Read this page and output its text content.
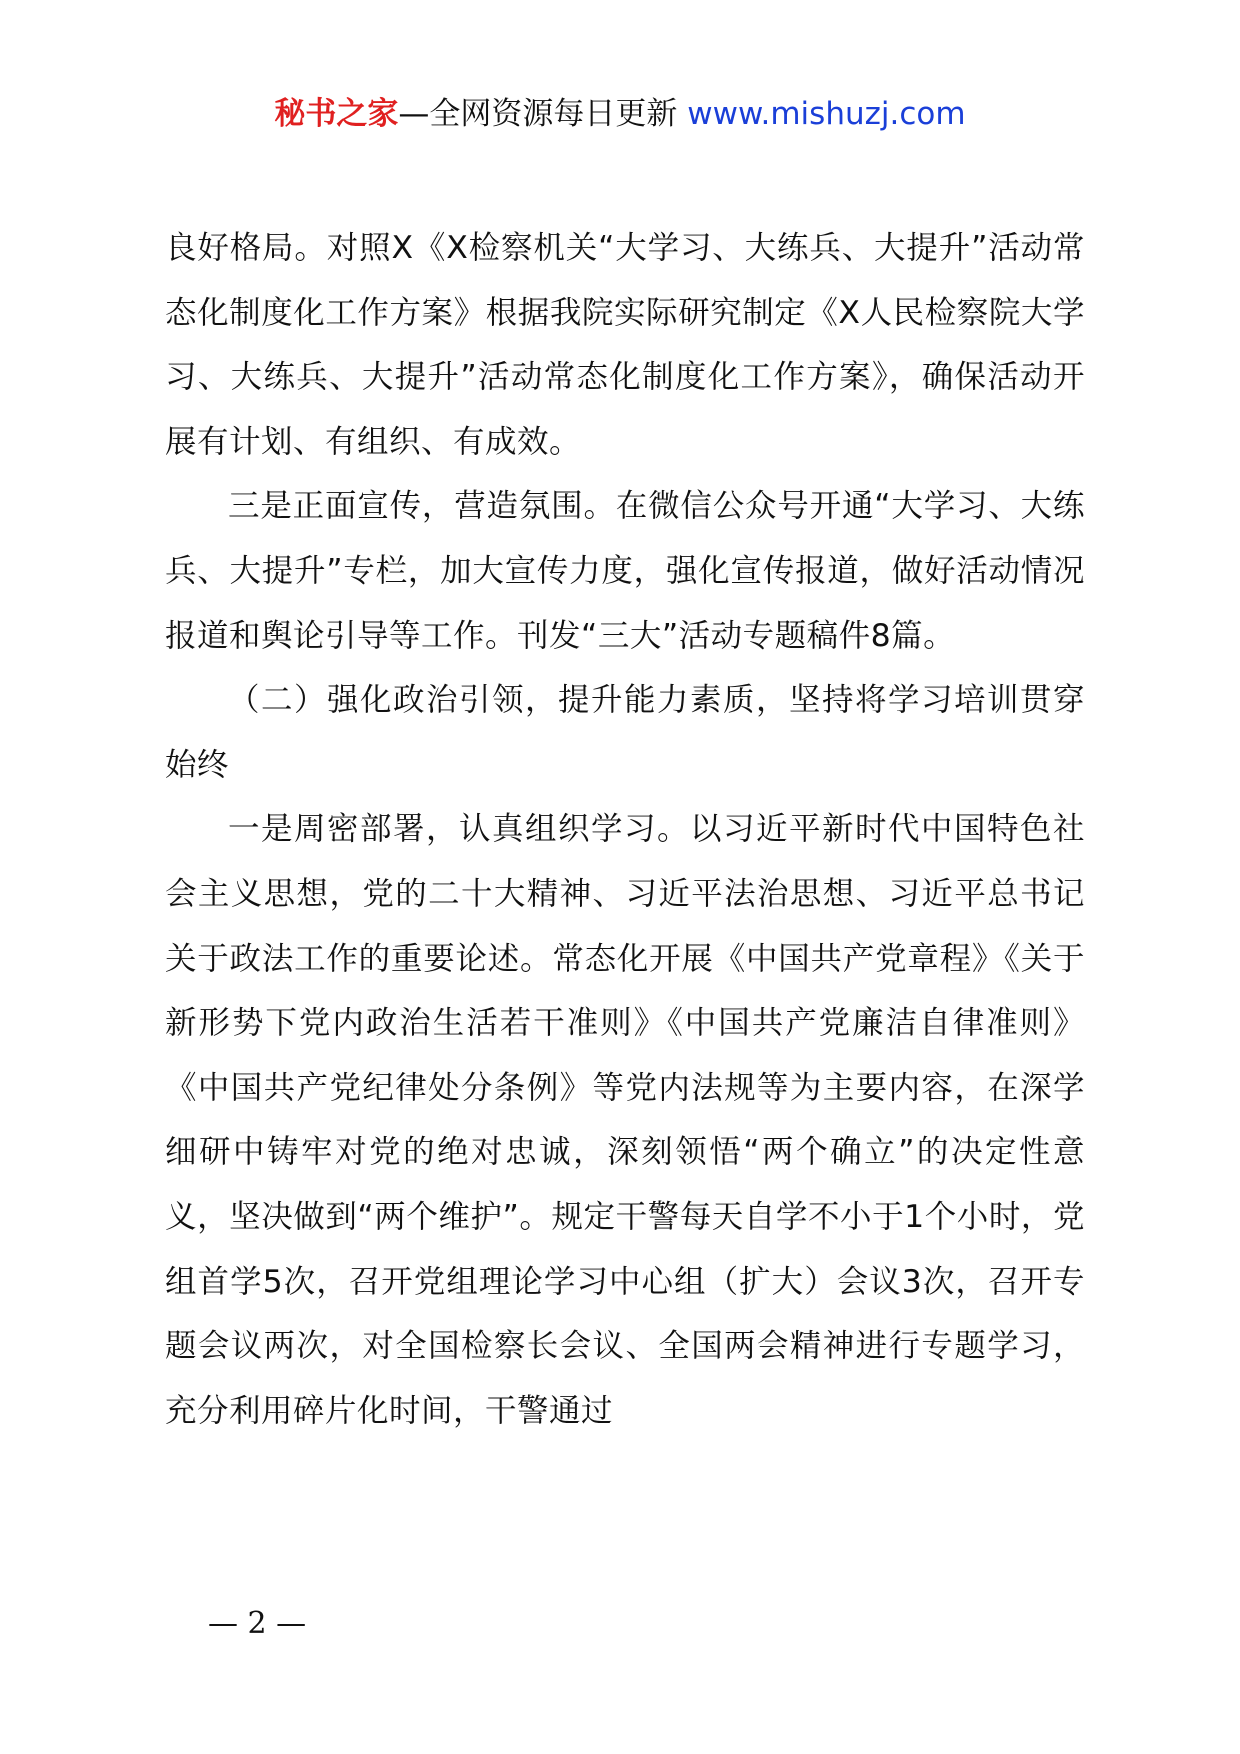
秘书之家—全网资源每日更新 www.mishuzj.com

良好格局。对照X《X检察机关“大学习、大练兵、大提升”活动常态化制度化工作方案》根据我院实际研究制定《X人民检察院大学习、大练兵、大提升”活动常态化制度化工作方案》，确保活动开展有计划、有组织、有成效。

三是正面宣传，营造氛围。在微信公众号开通“大学习、大练兵、大提升”专栏，加大宣传力度，强化宣传报道，做好活动情况报道和舆论引导等工作。刊发“三大”活动专题稿件8篇。

（二）强化政治引领，提升能力素质，坚持将学习培训贯穿始终

一是周密部署，认真组织学习。以习近平新时代中国特色社会主义思想，党的二十大精神、习近平法治思想、习近平总书记关于政法工作的重要论述。常态化开展《中国共产党章程》《关于新形势下党内政治生活若干准则》《中国共产党廉洁自律准则》《中国共产党纪律处分条例》等党内法规等为主要内容，在深学细研中铸牢对党的绝对忠诚，深刻领悟“两个确立”的决定性意义，坚决做到“两个维护”。规定干警每天自学不小于1个小时，党组首学5次，召开党组理论学习中心组（扩大）会议3次，召开专题会议两次，对全国检察长会议、全国两会精神进行专题学习，充分利用碎片化时间，干警通过

— 2 —
